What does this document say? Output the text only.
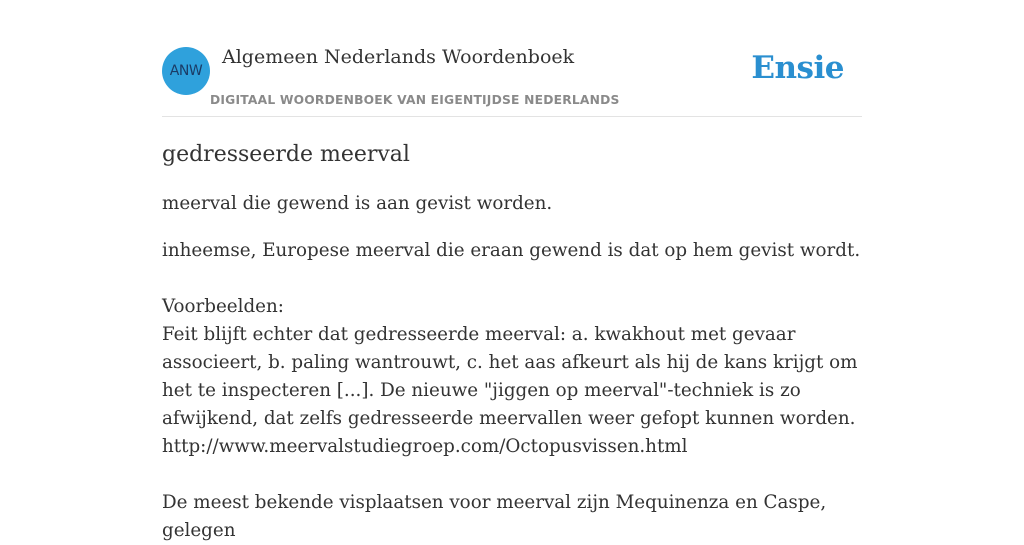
ANW
Algemeen Nederlands Woordenboek
DIGITAAL WOORDENBOEK VAN EIGENTIJDSE NEDERLANDS
Ensie
gedresseerde meerval

meerval die gewend is aan gevist worden.

inheemse, Europese meerval die eraan gewend is dat op hem gevist wordt.

Voorbeelden:

Feit blijft echter dat gedresseerde meerval: a. kwakhout met gevaar associeert, b. paling wantrouwt, c. het aas afkeurt als hij de kans krijgt om het te inspecteren [...]. De nieuwe "jiggen op meerval"-techniek is zo afwijkend, dat zelfs gedresseerde meervallen weer gefopt kunnen worden.

http://www.meervalstudiegroep.com/Octopusvissen.html

De meest bekende visplaatsen voor meerval zijn Mequinenza en Caspe, gelegen
